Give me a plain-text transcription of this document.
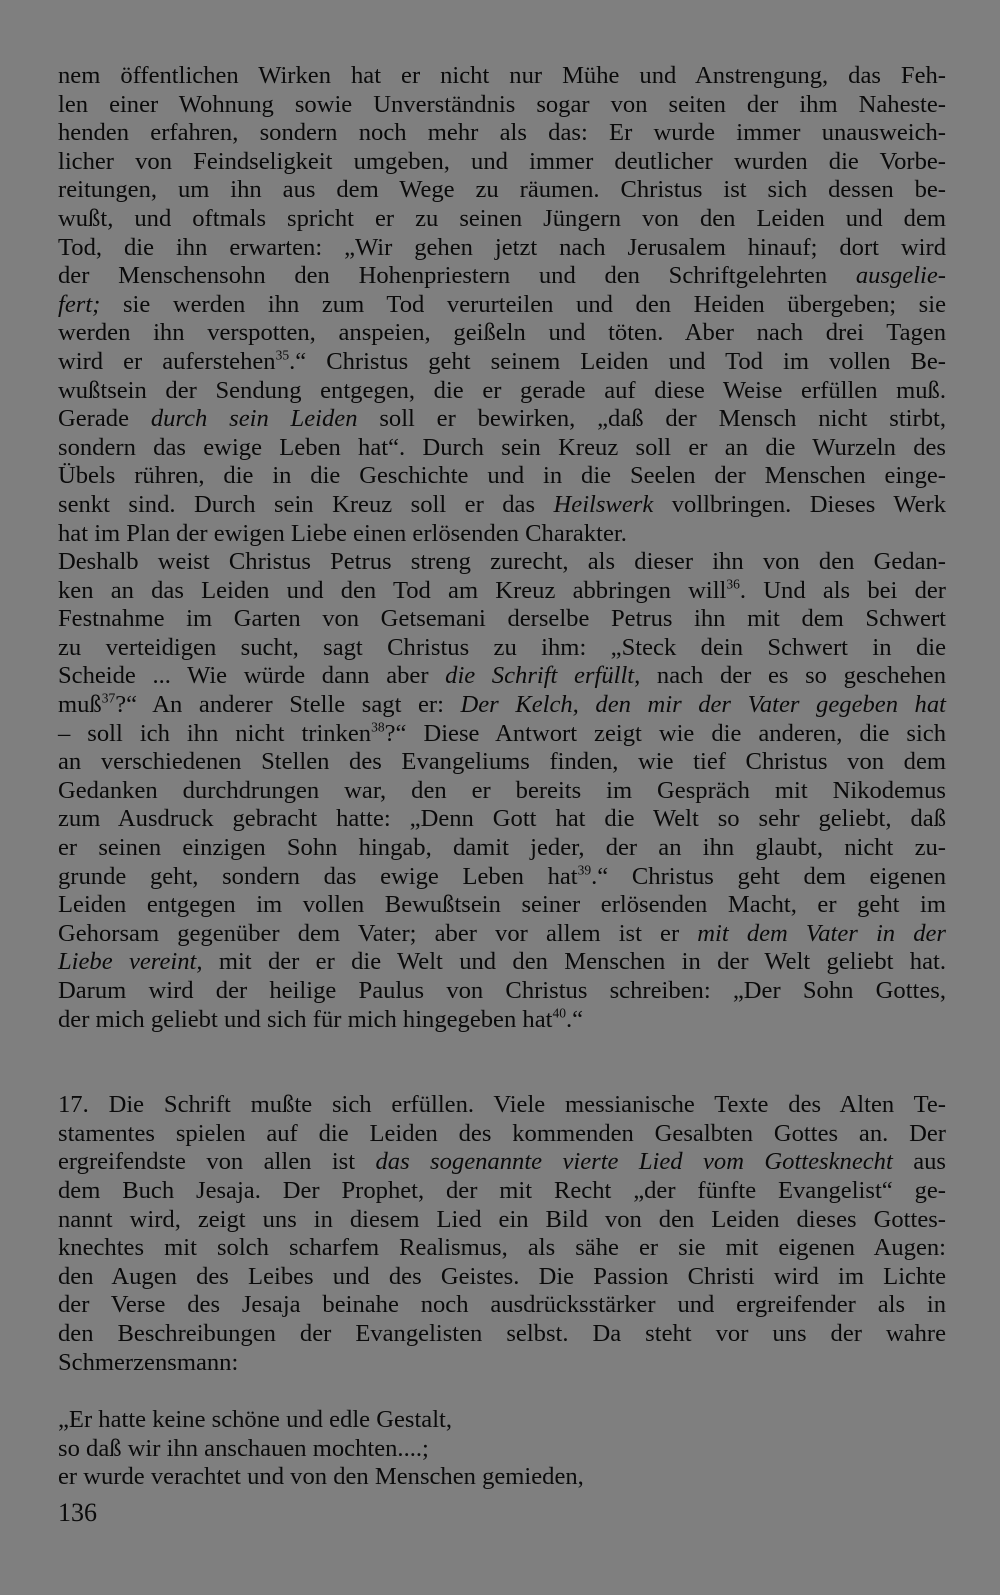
nem öffentlichen Wirken hat er nicht nur Mühe und Anstrengung, das Feh-
len einer Wohnung sowie Unverständnis sogar von seiten der ihm Naheste-
henden erfahren, sondern noch mehr als das: Er wurde immer unausweich-
licher von Feindseligkeit umgeben, und immer deutlicher wurden die Vorbe-
reitungen, um ihn aus dem Wege zu räumen. Christus ist sich dessen be-
wußt, und oftmals spricht er zu seinen Jüngern von den Leiden und dem
Tod, die ihn erwarten: „Wir gehen jetzt nach Jerusalem hinauf; dort wird
der Menschensohn den Hohenpriestern und den Schriftgelehrten ausgelie-
fert; sie werden ihn zum Tod verurteilen und den Heiden übergeben; sie
werden ihn verspotten, anspeien, geißeln und töten. Aber nach drei Tagen
wird er auferstehen$^{35}$.“ Christus geht seinem Leiden und Tod im vollen Be-
wußtsein der Sendung entgegen, die er gerade auf diese Weise erfüllen muß.
Gerade durch sein Leiden soll er bewirken, „daß der Mensch nicht stirbt,
sondern das ewige Leben hat“. Durch sein Kreuz soll er an die Wurzeln des
Übels rühren, die in die Geschichte und in die Seelen der Menschen einge-
senkt sind. Durch sein Kreuz soll er das Heilswerk vollbringen. Dieses Werk
hat im Plan der ewigen Liebe einen erlösenden Charakter.
Deshalb weist Christus Petrus streng zurecht, als dieser ihn von den Gedan-
ken an das Leiden und den Tod am Kreuz abbringen will$^{36}$. Und als bei der
Festnahme im Garten von Getsemani derselbe Petrus ihn mit dem Schwert
zu verteidigen sucht, sagt Christus zu ihm: „Steck dein Schwert in die
Scheide ... Wie würde dann aber die Schrift erfüllt, nach der es so geschehen
muß$^{37}$?“ An anderer Stelle sagt er: Der Kelch, den mir der Vater gegeben hat
– soll ich ihn nicht trinken$^{38}$?“ Diese Antwort zeigt wie die anderen, die sich
an verschiedenen Stellen des Evangeliums finden, wie tief Christus von dem
Gedanken durchdrungen war, den er bereits im Gespräch mit Nikodemus
zum Ausdruck gebracht hatte: „Denn Gott hat die Welt so sehr geliebt, daß
er seinen einzigen Sohn hingab, damit jeder, der an ihn glaubt, nicht zu-
grunde geht, sondern das ewige Leben hat$^{39}$.“ Christus geht dem eigenen
Leiden entgegen im vollen Bewußtsein seiner erlösenden Macht, er geht im
Gehorsam gegenüber dem Vater; aber vor allem ist er mit dem Vater in der
Liebe vereint, mit der er die Welt und den Menschen in der Welt geliebt hat.
Darum wird der heilige Paulus von Christus schreiben: „Der Sohn Gottes,
der mich geliebt und sich für mich hingegeben hat$^{40}$.“
17. Die Schrift mußte sich erfüllen. Viele messianische Texte des Alten Te-
stamentes spielen auf die Leiden des kommenden Gesalbten Gottes an. Der
ergreifendste von allen ist das sogenannte vierte Lied vom Gottesknecht aus
dem Buch Jesaja. Der Prophet, der mit Recht „der fünfte Evangelist“ ge-
nannt wird, zeigt uns in diesem Lied ein Bild von den Leiden dieses Gottes-
knechtes mit solch scharfem Realismus, als sähe er sie mit eigenen Augen:
den Augen des Leibes und des Geistes. Die Passion Christi wird im Lichte
der Verse des Jesaja beinahe noch ausdrücksstärker und ergreifender als in
den Beschreibungen der Evangelisten selbst. Da steht vor uns der wahre
Schmerzensmann:
„Er hatte keine schöne und edle Gestalt,
so daß wir ihn anschauen mochten....;
er wurde verachtet und von den Menschen gemieden,
136
